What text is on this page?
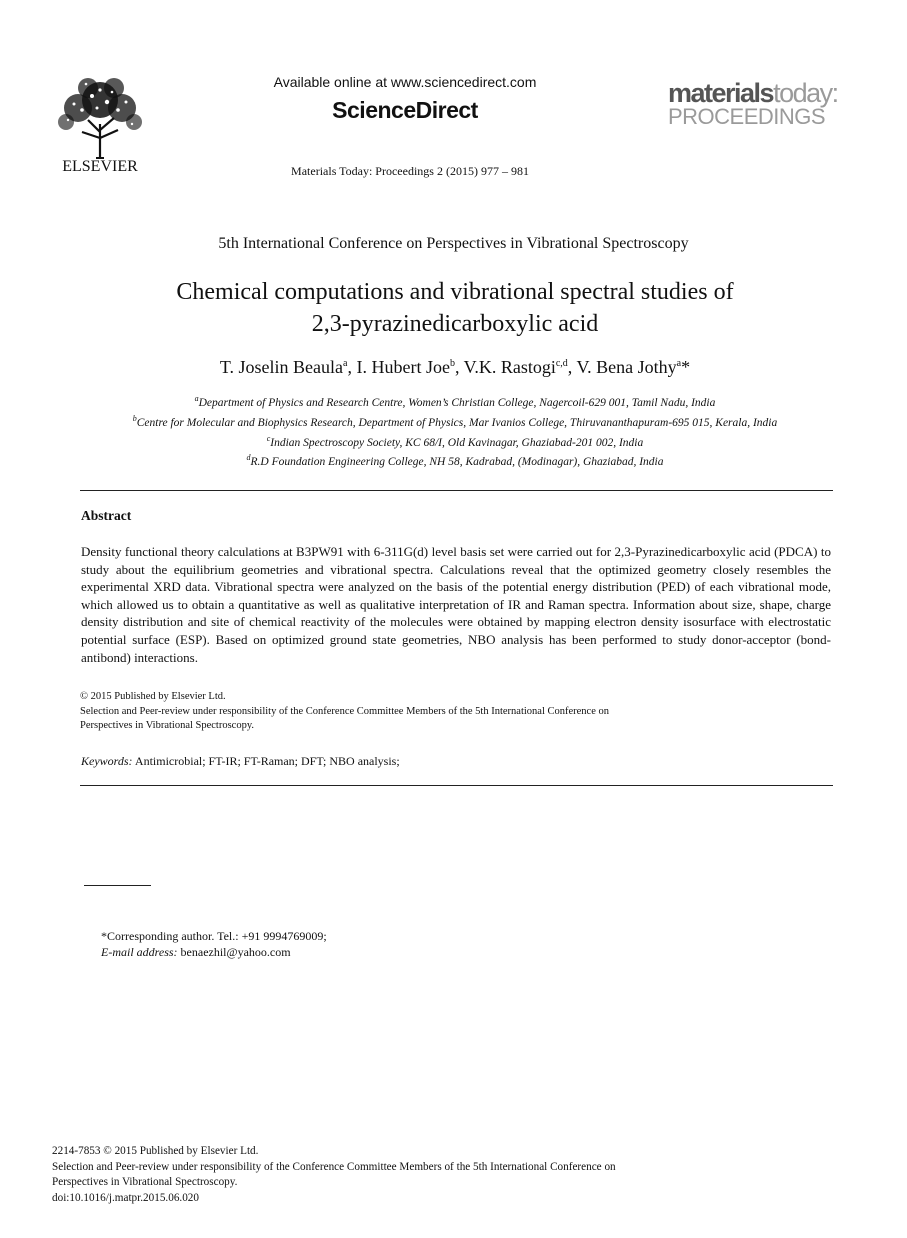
ELSEVIER
Available online at www.sciencedirect.com
ScienceDirect
Materials Today: Proceedings 2 (2015) 977 – 981
materialstoday:
PROCEEDINGS
5th International Conference on Perspectives in Vibrational Spectroscopy
Chemical computations and vibrational spectral studies of
2,3-pyrazinedicarboxylic acid
T. Joselin Beaula$^a$, I. Hubert Joe$^b$, V.K. Rastogi$^{c,d}$, V. Bena Jothy$^a$*
$^a$Department of Physics and Research Centre, Women’s Christian College, Nagercoil-629 001, Tamil Nadu, India
$^b$Centre for Molecular and Biophysics Research, Department of Physics, Mar Ivanios College, Thiruvananthapuram-695 015, Kerala, India
$^c$Indian Spectroscopy Society, KC 68/I, Old Kavinagar, Ghaziabad-201 002, India
$^d$R.D Foundation Engineering College, NH 58, Kadrabad, (Modinagar), Ghaziabad, India
Abstract
Density functional theory calculations at B3PW91 with 6-311G(d) level basis set were carried out for 2,3-Pyrazinedicarboxylic acid (PDCA) to study about the equilibrium geometries and vibrational spectra. Calculations reveal that the optimized geometry closely resembles the experimental XRD data. Vibrational spectra were analyzed on the basis of the potential energy distribution (PED) of each vibrational mode, which allowed us to obtain a quantitative as well as qualitative interpretation of IR and Raman spectra. Information about size, shape, charge density distribution and site of chemical reactivity of the molecules were obtained by mapping electron density isosurface with electrostatic potential surface (ESP). Based on optimized ground state geometries, NBO analysis has been performed to study donor-acceptor (bond-antibond) interactions.
© 2015 Published by Elsevier Ltd.
Selection and Peer-review under responsibility of the Conference Committee Members of the 5th International Conference on
Perspectives in Vibrational Spectroscopy.
Keywords: Antimicrobial; FT-IR; FT-Raman; DFT; NBO analysis;
*Corresponding author. Tel.: +91 9994769009;
E-mail address: benaezhil@yahoo.com
2214-7853 © 2015 Published by Elsevier Ltd.
Selection and Peer-review under responsibility of the Conference Committee Members of the 5th International Conference on
Perspectives in Vibrational Spectroscopy.
doi:10.1016/j.matpr.2015.06.020
